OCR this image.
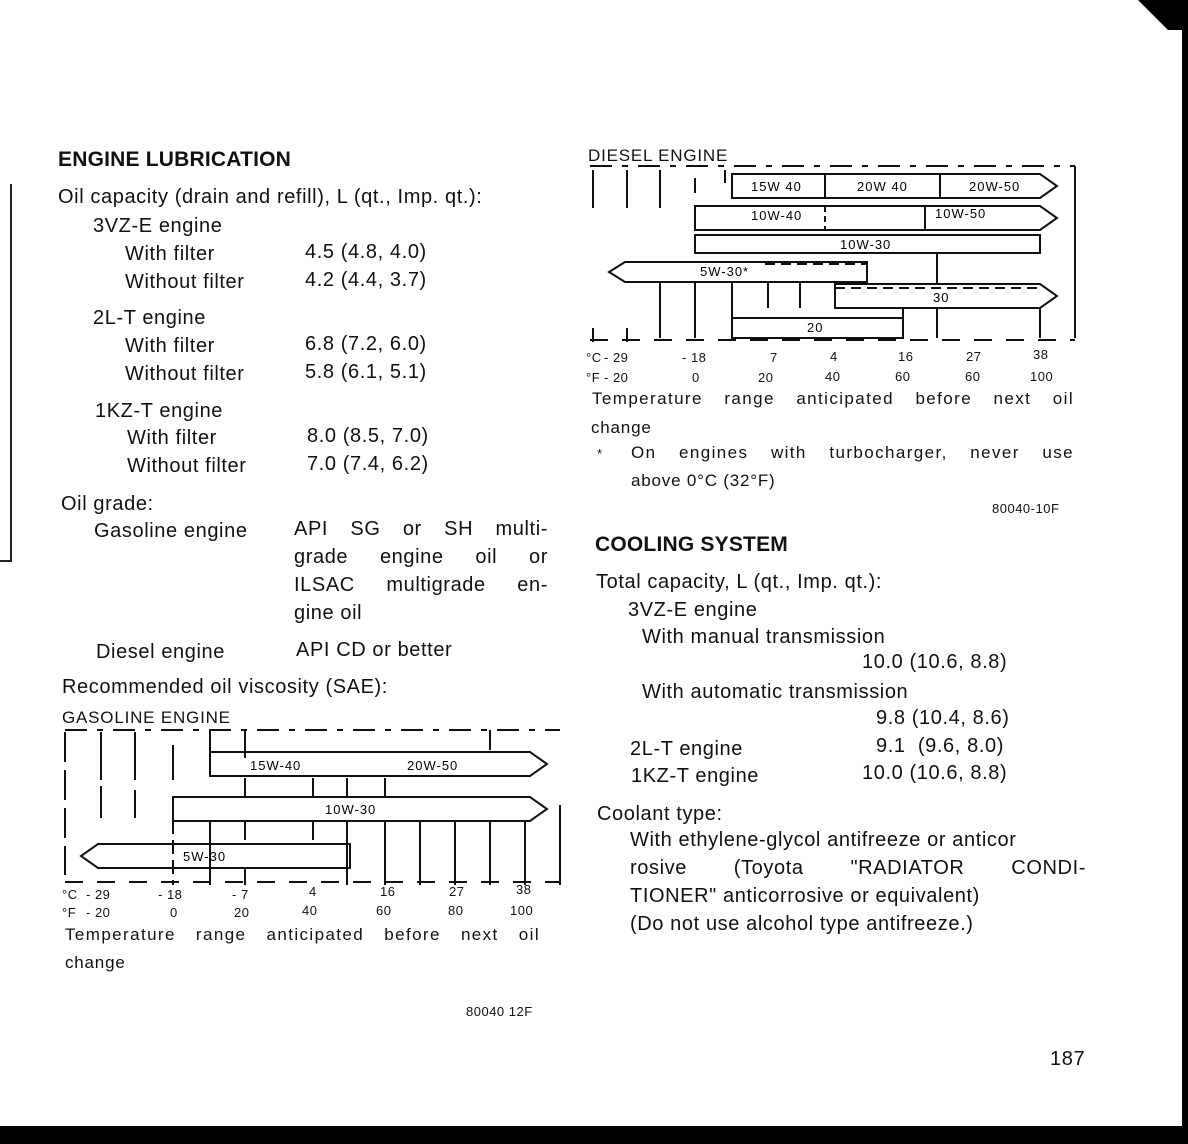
ENGINE LUBRICATION
Oil capacity (drain and refill), L (qt., Imp. qt.):
3VZ-E engine
With filter	4.5 (4.8, 4.0)
Without filter	4.2 (4.4, 3.7)
2L-T engine
With filter	6.8 (7.2, 6.0)
Without filter	5.8 (6.1, 5.1)
1KZ-T engine
With filter	8.0 (8.5, 7.0)
Without filter	7.0 (7.4, 6.2)
Oil grade:
Gasoline engine API SG or SH multi-
grade engine oil or
ILSAC multigrade en-
gine oil
Diesel engine	API CD or better
Recommended oil viscosity (SAE):
GASOLINE ENGINE
15W-40	20W-50
10W-30
5W-30
°C
°F
- 29	- 18	- 7	4	16	27	38
- 20	0	20	40	60	80	100
Temperature range anticipated before next oil
change
80040 12F
DIESEL ENGINE
15W 40	20W 40	20W-50
10W-40	10W-50
10W-30
5W-30*
30
20
°C
°F
- 29	- 18	7	4	16	27	38
- 20	0	20	40	60	60	100
Temperature range anticipated before next oil
change
* On engines with turbocharger, never use
above 0°C (32°F)
80040-10F
COOLING SYSTEM
Total capacity, L (qt., Imp. qt.):
3VZ-E engine
With manual transmission
10.0 (10.6, 8.8)
With automatic transmission
9.8 (10.4, 8.6)
2L-T engine	9.1  (9.6, 8.0)
1KZ-T engine	10.0 (10.6, 8.8)
Coolant type:
With ethylene-glycol antifreeze or anticor
rosive (Toyota "RADIATOR CONDI-
TIONER" anticorrosive or equivalent)
(Do not use alcohol type antifreeze.)
187
